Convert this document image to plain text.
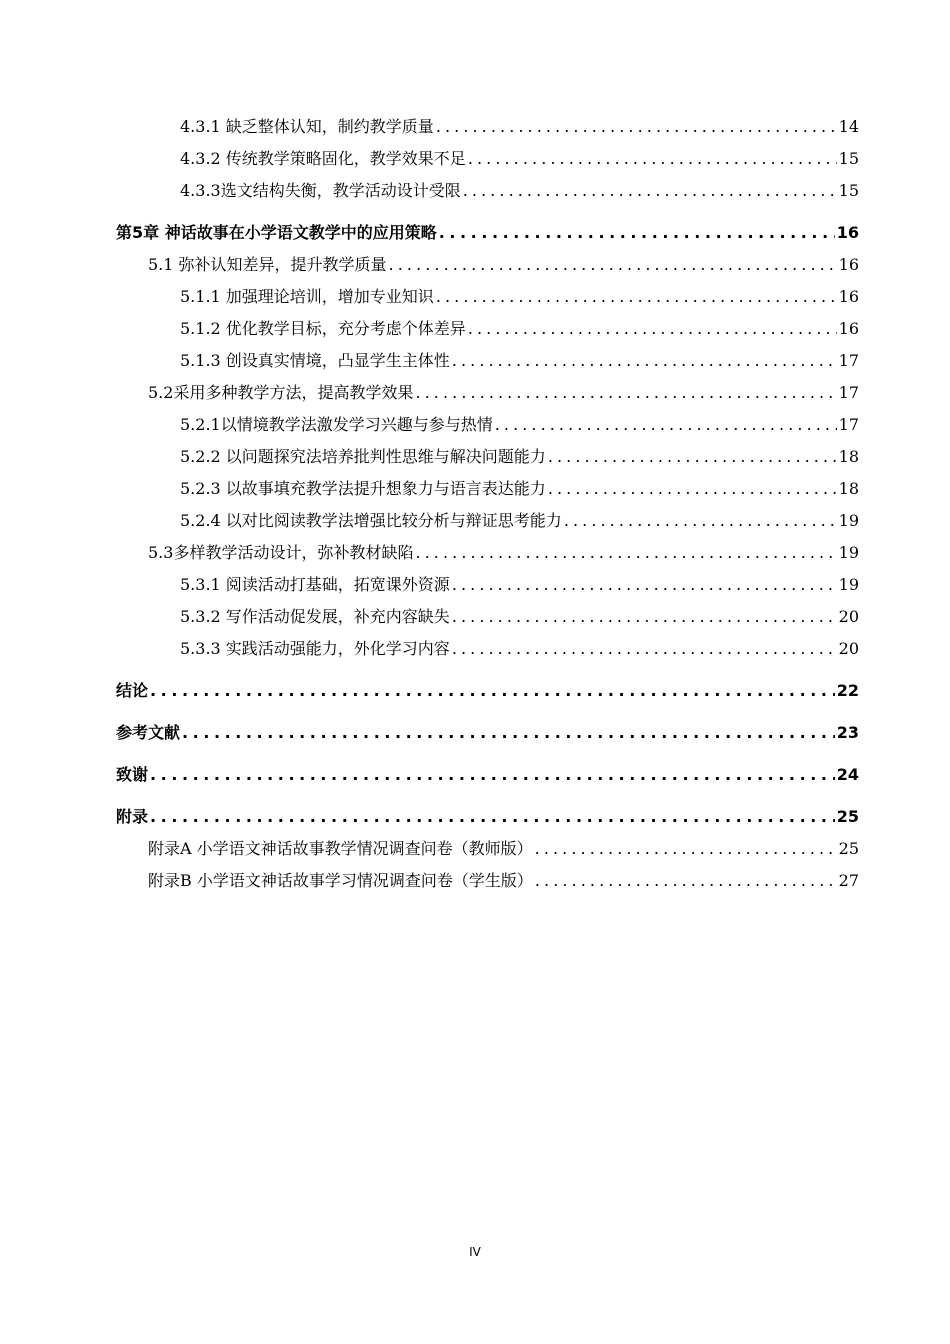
4.3.1 缺乏整体认知，制约教学质量 . . .	14
4.3.2 传统教学策略固化，教学效果不足 . . .	15
4.3.3选文结构失衡，教学活动设计受限 . . .	15
第5章 神话故事在小学语文教学中的应用策略 . . .	16
5.1 弥补认知差异，提升教学质量 . . .	16
5.1.1 加强理论培训，增加专业知识 . . .	16
5.1.2 优化教学目标，充分考虑个体差异 . . .	16
5.1.3 创设真实情境，凸显学生主体性 . . .	17
5.2采用多种教学方法，提高教学效果 . . .	17
5.2.1以情境教学法激发学习兴趣与参与热情 . . .	17
5.2.2 以问题探究法培养批判性思维与解决问题能力 . . .	18
5.2.3 以故事填充教学法提升想象力与语言表达能力 . . .	18
5.2.4 以对比阅读教学法增强比较分析与辩证思考能力 . . .	19
5.3多样教学活动设计，弥补教材缺陷 . . .	19
5.3.1 阅读活动打基础，拓宽课外资源 . . .	19
5.3.2 写作活动促发展，补充内容缺失 . . .	20
5.3.3 实践活动强能力，外化学习内容 . . .	20
结论 . . .	22
参考文献 . . .	23
致谢 . . .	24
附录 . . .	25
附录A 小学语文神话故事教学情况调查问卷（教师版） . . .	25
附录B 小学语文神话故事学习情况调查问卷（学生版） . . .	27
IV
